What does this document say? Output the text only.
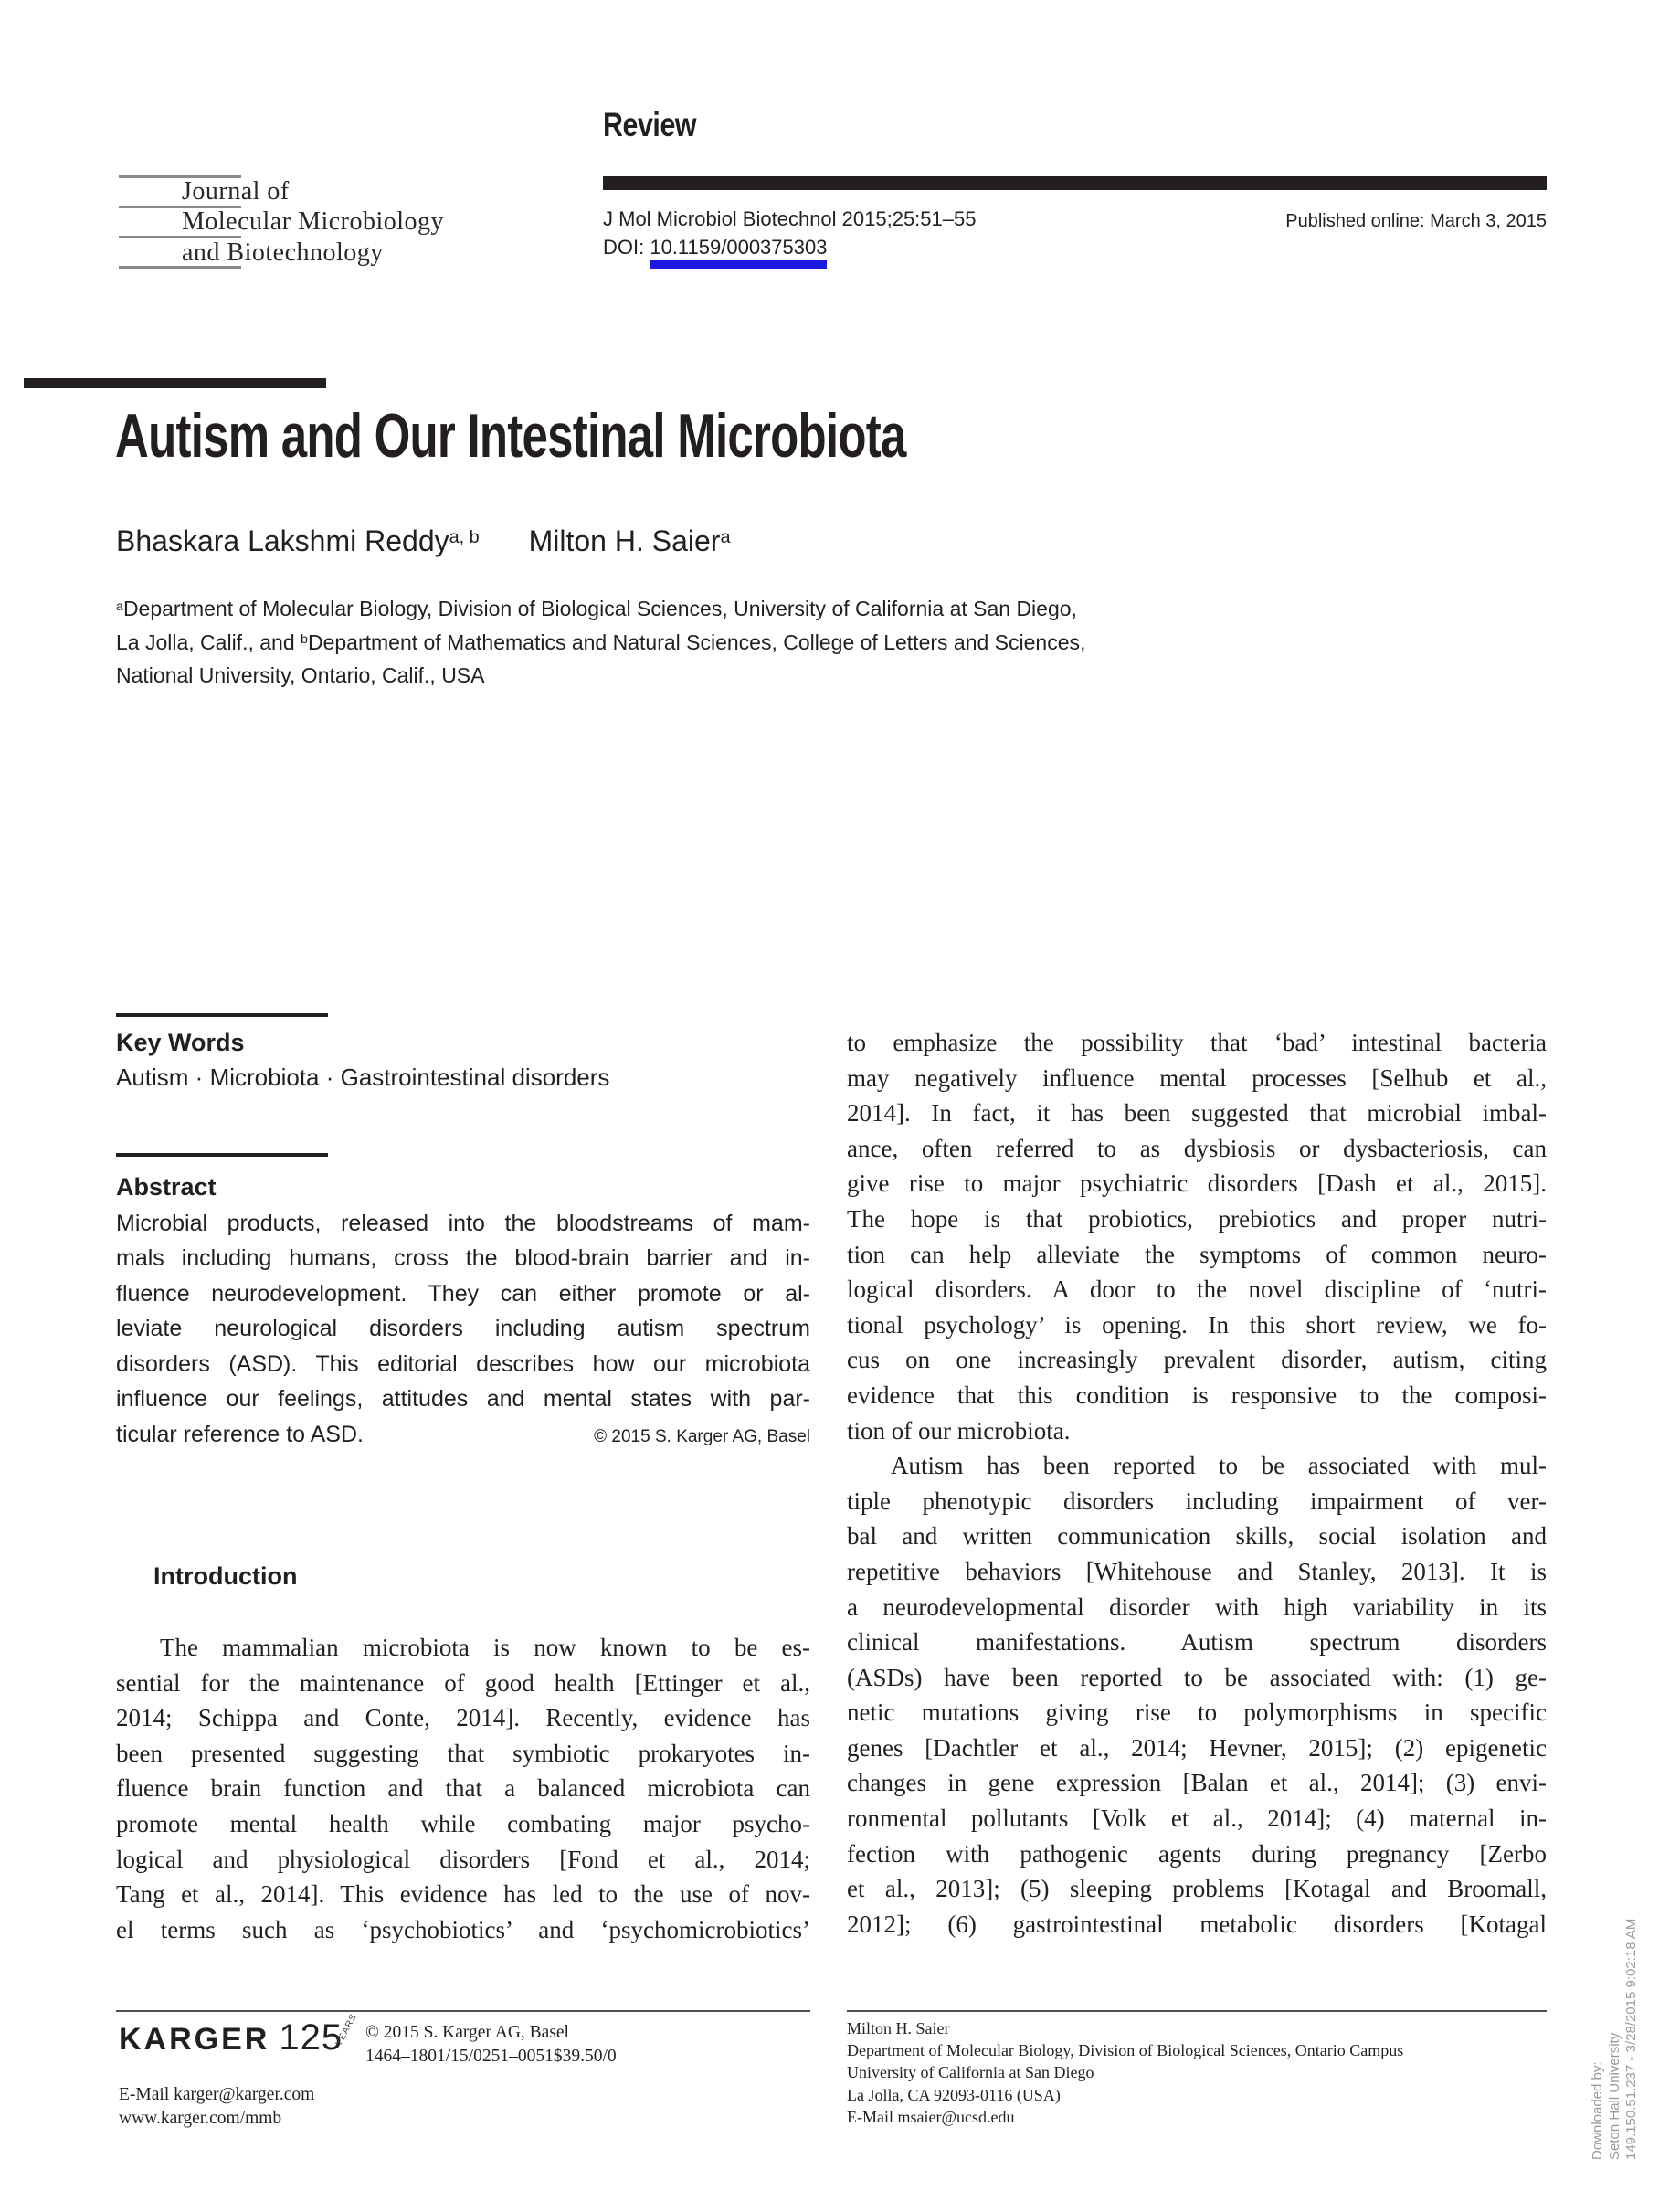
Review
Journal of
Molecular Microbiology
and Biotechnology
J Mol Microbiol Biotechnol 2015;25:51–55	Published online: March 3, 2015
DOI: 10.1159/000375303
Autism and Our Intestinal Microbiota
Bhaskara Lakshmi Reddy$^{a, b}$ Milton H. Saier$^a$
$^a$Department of Molecular Biology, Division of Biological Sciences, University of California at San Diego,
La Jolla, Calif., and $^b$Department of Mathematics and Natural Sciences, College of Letters and Sciences,
National University, Ontario, Calif., USA
Key Words
Autism · Microbiota · Gastrointestinal disorders
Abstract
Microbial products, released into the bloodstreams of mam-
mals including humans, cross the blood-brain barrier and in-
fluence neurodevelopment. They can either promote or al-
leviate neurological disorders including autism spectrum
disorders (ASD). This editorial describes how our microbiota
influence our feelings, attitudes and mental states with par-
ticular reference to ASD.	© 2015 S. Karger AG, Basel
Introduction
The mammalian microbiota is now known to be es-
sential for the maintenance of good health [Ettinger et al.,
2014; Schippa and Conte, 2014]. Recently, evidence has
been presented suggesting that symbiotic prokaryotes in-
fluence brain function and that a balanced microbiota can
promote mental health while combating major psycho-
logical and physiological disorders [Fond et al., 2014;
Tang et al., 2014]. This evidence has led to the use of nov-
el terms such as ‘psychobiotics’ and ‘psychomicrobiotics’
to emphasize the possibility that ‘bad’ intestinal bacteria
may negatively influence mental processes [Selhub et al.,
2014]. In fact, it has been suggested that microbial imbal-
ance, often referred to as dysbiosis or dysbacteriosis, can
give rise to major psychiatric disorders [Dash et al., 2015].
The hope is that probiotics, prebiotics and proper nutri-
tion can help alleviate the symptoms of common neuro-
logical disorders. A door to the novel discipline of ‘nutri-
tional psychology’ is opening. In this short review, we fo-
cus on one increasingly prevalent disorder, autism, citing
evidence that this condition is responsive to the composi-
tion of our microbiota.
Autism has been reported to be associated with mul-
tiple phenotypic disorders including impairment of ver-
bal and written communication skills, social isolation and
repetitive behaviors [Whitehouse and Stanley, 2013]. It is
a neurodevelopmental disorder with high variability in its
clinical manifestations. Autism spectrum disorders
(ASDs) have been reported to be associated with: (1) ge-
netic mutations giving rise to polymorphisms in specific
genes [Dachtler et al., 2014; Hevner, 2015]; (2) epigenetic
changes in gene expression [Balan et al., 2014]; (3) envi-
ronmental pollutants [Volk et al., 2014]; (4) maternal in-
fection with pathogenic agents during pregnancy [Zerbo
et al., 2013]; (5) sleeping problems [Kotagal and Broomall,
2012]; (6) gastrointestinal metabolic disorders [Kotagal
KARGER 125YEARS © 2015 S. Karger AG, Basel
1464–1801/15/0251–0051$39.50/0
E-Mail karger@karger.com
www.karger.com/mmb
Milton H. Saier
Department of Molecular Biology, Division of Biological Sciences, Ontario Campus
University of California at San Diego
La Jolla, CA 92093-0116 (USA)
E-Mail msaier@ucsd.edu	Downloaded by: Seton Hall University 149.150.51.237 - 3/28/2015 9:02:18 AM
